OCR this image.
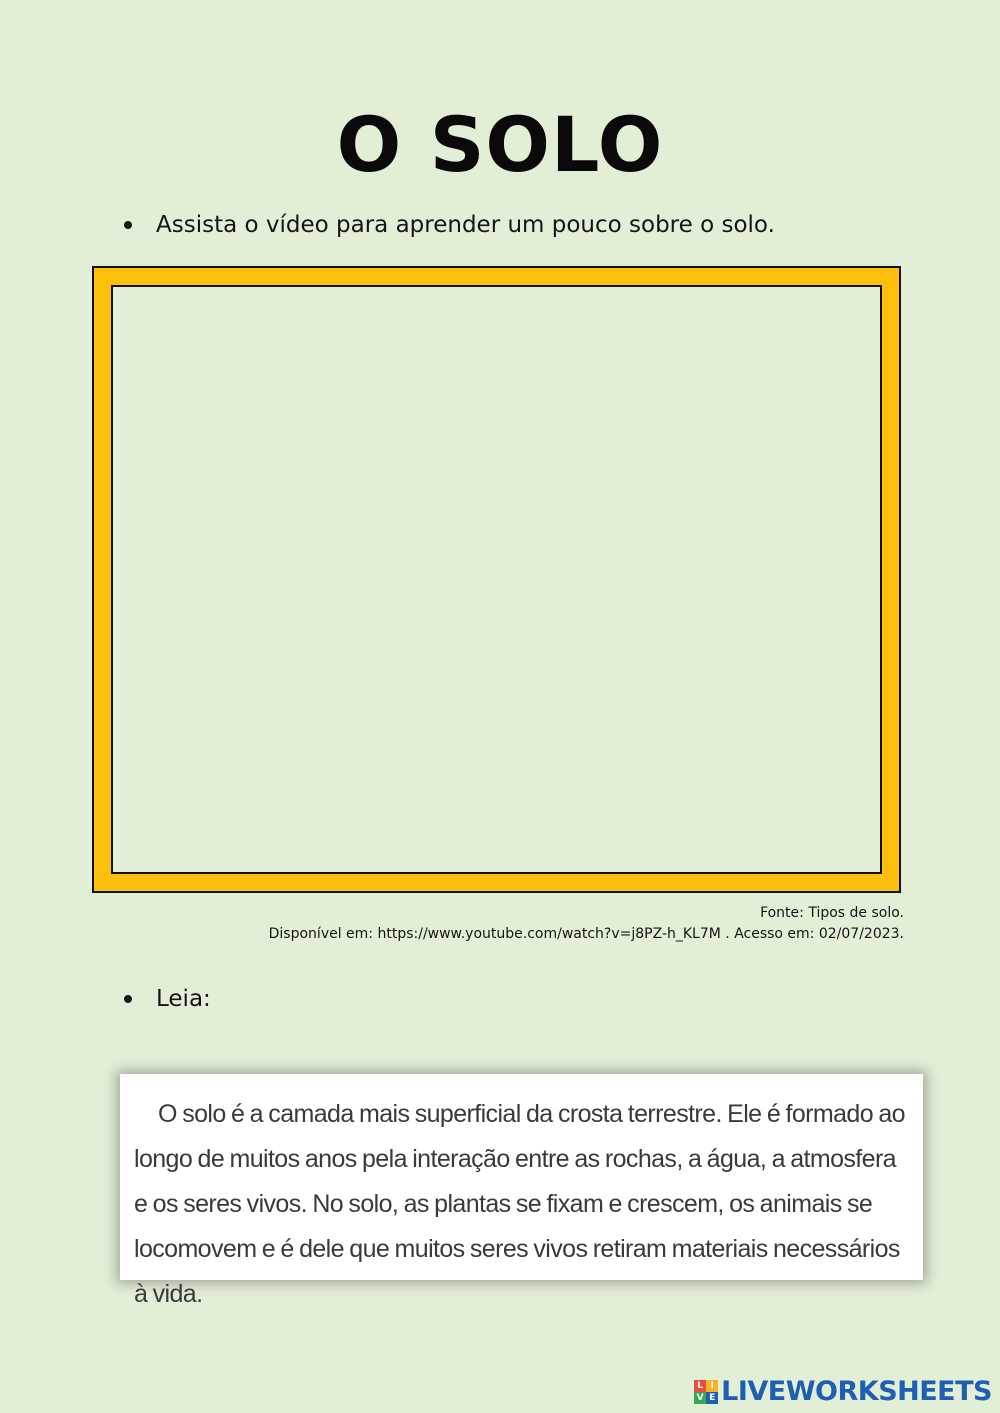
O SOLO
Assista o vídeo para aprender um pouco sobre o solo.
Fonte: Tipos de solo.
Disponível em: https://www.youtube.com/watch?v=j8PZ-h_KL7M . Acesso em: 02/07/2023.
Leia:

O solo é a camada mais superficial da crosta terrestre. Ele é formado ao longo de muitos anos pela interação entre as rochas, a água, a atmosfera e os seres vivos. No solo, as plantas se fixam e crescem, os animais se locomovem e é dele que muitos seres vivos retiram materiais necessários à vida.

L I
V E LIVEWORKSHEETS
